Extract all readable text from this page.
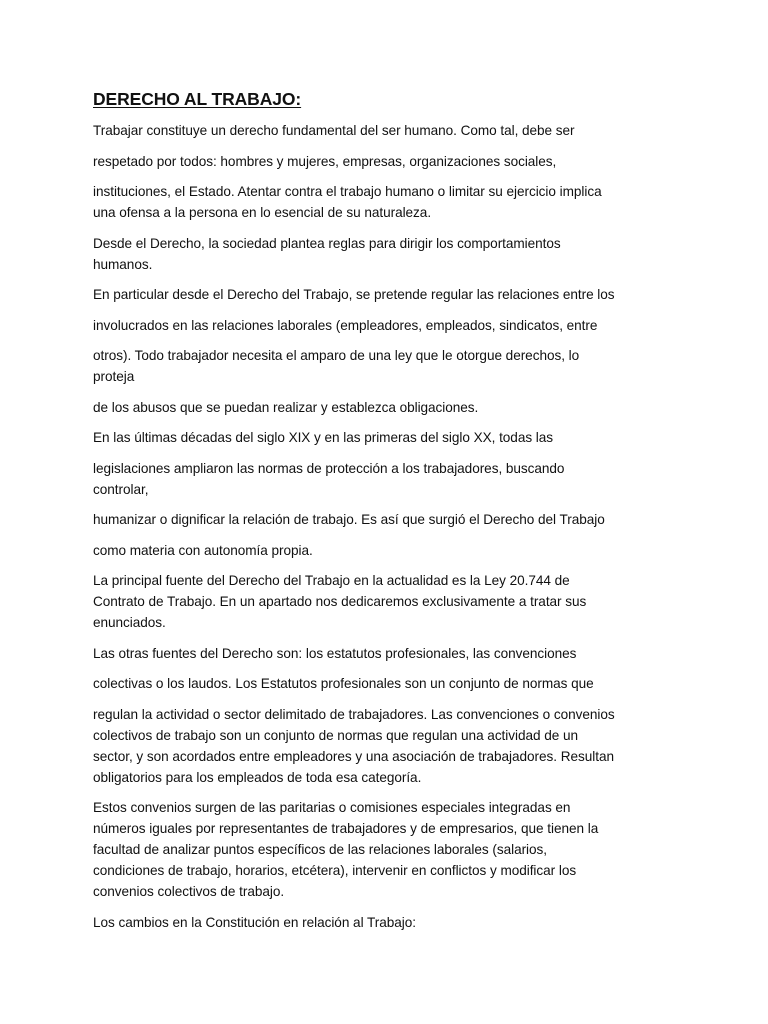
DERECHO AL TRABAJO:
Trabajar constituye un derecho fundamental del ser humano. Como tal, debe ser
respetado por todos: hombres y mujeres, empresas, organizaciones sociales,
instituciones, el Estado. Atentar contra el trabajo humano o limitar su ejercicio implica
una ofensa a la persona en lo esencial de su naturaleza.
Desde el Derecho, la sociedad plantea reglas para dirigir los comportamientos
humanos.
En particular desde el Derecho del Trabajo, se pretende regular las relaciones entre los
involucrados en las relaciones laborales (empleadores, empleados, sindicatos, entre
otros). Todo trabajador necesita el amparo de una ley que le otorgue derechos, lo
proteja
de los abusos que se puedan realizar y establezca obligaciones.
En las últimas décadas del siglo XIX y en las primeras del siglo XX, todas las
legislaciones ampliaron las normas de protección a los trabajadores, buscando
controlar,
humanizar o dignificar la relación de trabajo. Es así que surgió el Derecho del Trabajo
como materia con autonomía propia.
La principal fuente del Derecho del Trabajo en la actualidad es la Ley 20.744 de
Contrato de Trabajo. En un apartado nos dedicaremos exclusivamente a tratar sus
enunciados.
Las otras fuentes del Derecho son: los estatutos profesionales, las convenciones
colectivas o los laudos. Los Estatutos profesionales son un conjunto de normas que
regulan la actividad o sector delimitado de trabajadores. Las convenciones o convenios
colectivos de trabajo son un conjunto de normas que regulan una actividad de un
sector, y son acordados entre empleadores y una asociación de trabajadores. Resultan
obligatorios para los empleados de toda esa categoría.
Estos convenios surgen de las paritarias o comisiones especiales integradas en
números iguales por representantes de trabajadores y de empresarios, que tienen la
facultad de analizar puntos específicos de las relaciones laborales (salarios,
condiciones de trabajo, horarios, etcétera), intervenir en conflictos y modificar los
convenios colectivos de trabajo.
Los cambios en la Constitución en relación al Trabajo:
